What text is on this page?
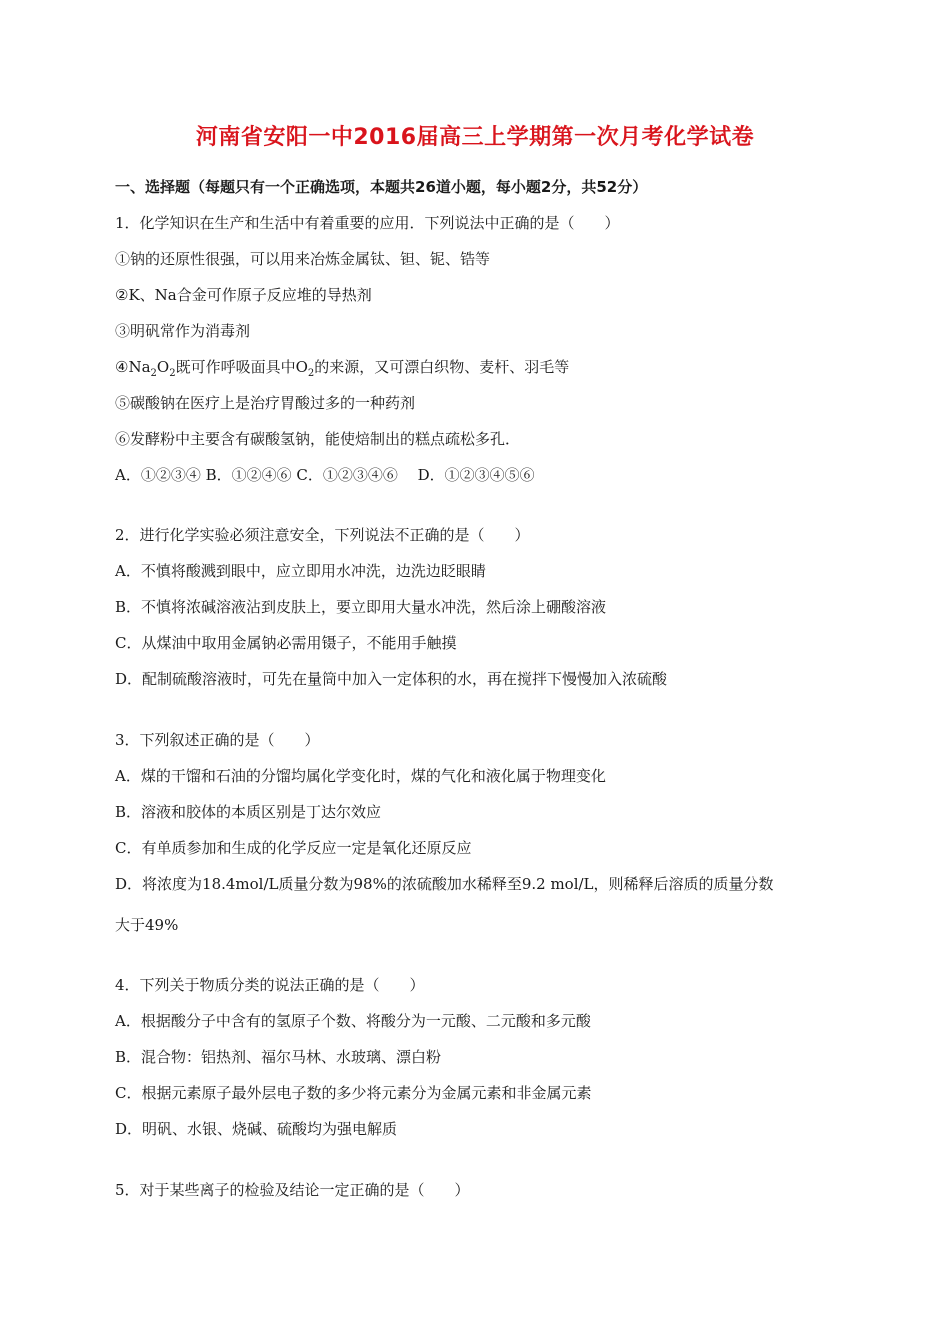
河南省安阳一中2016届高三上学期第一次月考化学试卷
一、选择题（每题只有一个正确选项，本题共26道小题，每小题2分，共52分）
1．化学知识在生产和生活中有着重要的应用．下列说法中正确的是（　　）
①钠的还原性很强，可以用来冶炼金属钛、钽、铌、锆等
②K、Na合金可作原子反应堆的导热剂
③明矾常作为消毒剂
$④Na_2O_2$既可作呼吸面具中$O_2$的来源，又可漂白织物、麦杆、羽毛等
⑤碳酸钠在医疗上是治疗胃酸过多的一种药剂
⑥发酵粉中主要含有碳酸氢钠，能使焙制出的糕点疏松多孔．
A．①②③④ B．①②④⑥ C．①②③④⑥　 D．①②③④⑤⑥
2．进行化学实验必须注意安全，下列说法不正确的是（　　）
A．不慎将酸溅到眼中，应立即用水冲洗，边洗边眨眼睛
B．不慎将浓碱溶液沾到皮肤上，要立即用大量水冲洗，然后涂上硼酸溶液
C．从煤油中取用金属钠必需用镊子，不能用手触摸
D．配制硫酸溶液时，可先在量筒中加入一定体积的水，再在搅拌下慢慢加入浓硫酸
3．下列叙述正确的是（　　）
A．煤的干馏和石油的分馏均属化学变化时，煤的气化和液化属于物理变化
B．溶液和胶体的本质区别是丁达尔效应
C．有单质参加和生成的化学反应一定是氧化还原反应
D．将浓度为18.4mol/L质量分数为98%的浓硫酸加水稀释至9.2 mol/L，则稀释后溶质的质量分数
大于49%
4．下列关于物质分类的说法正确的是（　　）
A．根据酸分子中含有的氢原子个数、将酸分为一元酸、二元酸和多元酸
B．混合物：铝热剂、福尔马林、水玻璃、漂白粉
C．根据元素原子最外层电子数的多少将元素分为金属元素和非金属元素
D．明矾、水银、烧碱、硫酸均为强电解质
5．对于某些离子的检验及结论一定正确的是（　　）
